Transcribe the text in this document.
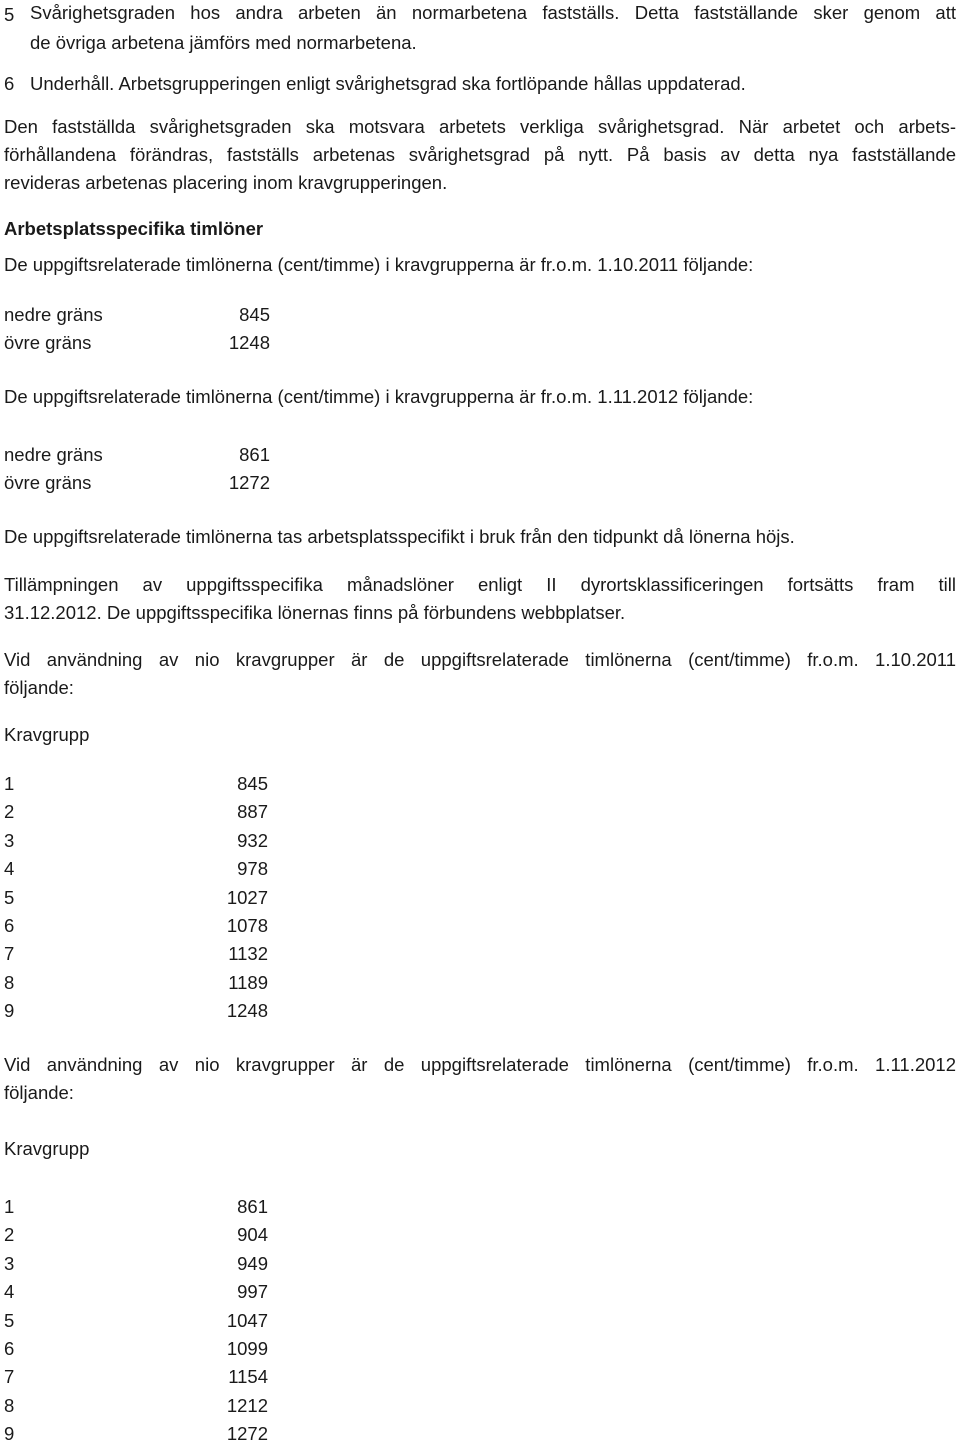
5 Svårighetsgraden hos andra arbeten än normarbetena fastställs. Detta fastställande sker genom att
de övriga arbetena jämförs med normarbetena.
6 Underhåll. Arbetsgrupperingen enligt svårighetsgrad ska fortlöpande hållas uppdaterad.
Den fastställda svårighetsgraden ska motsvara arbetets verkliga svårighetsgrad. När arbetet och arbets-
förhållandena förändras, fastställs arbetenas svårighetsgrad på nytt. På basis av detta nya fastställande
revideras arbetenas placering inom kravgrupperingen.
Arbetsplatsspecifika timlöner
De uppgiftsrelaterade timlönerna (cent/timme) i kravgrupperna är fr.o.m. 1.10.2011 följande:
nedre gräns	845
övre gräns	1248
De uppgiftsrelaterade timlönerna (cent/timme) i kravgrupperna är fr.o.m. 1.11.2012 följande:
nedre gräns	861
övre gräns	1272
De uppgiftsrelaterade timlönerna tas arbetsplatsspecifikt i bruk från den tidpunkt då lönerna höjs.
Tillämpningen av uppgiftsspecifika månadslöner enligt II dyrortsklassificeringen fortsätts fram till
31.12.2012. De uppgiftsspecifika lönernas finns på förbundens webbplatser.
Vid användning av nio kravgrupper är de uppgiftsrelaterade timlönerna (cent/timme) fr.o.m. 1.10.2011
följande:
Kravgrupp
1	845
2	887
3	932
4	978
5	1027
6	1078
7	1132
8	1189
9	1248
Vid användning av nio kravgrupper är de uppgiftsrelaterade timlönerna (cent/timme) fr.o.m. 1.11.2012
följande:
Kravgrupp
1	861
2	904
3	949
4	997
5	1047
6	1099
7	1154
8	1212
9	1272
